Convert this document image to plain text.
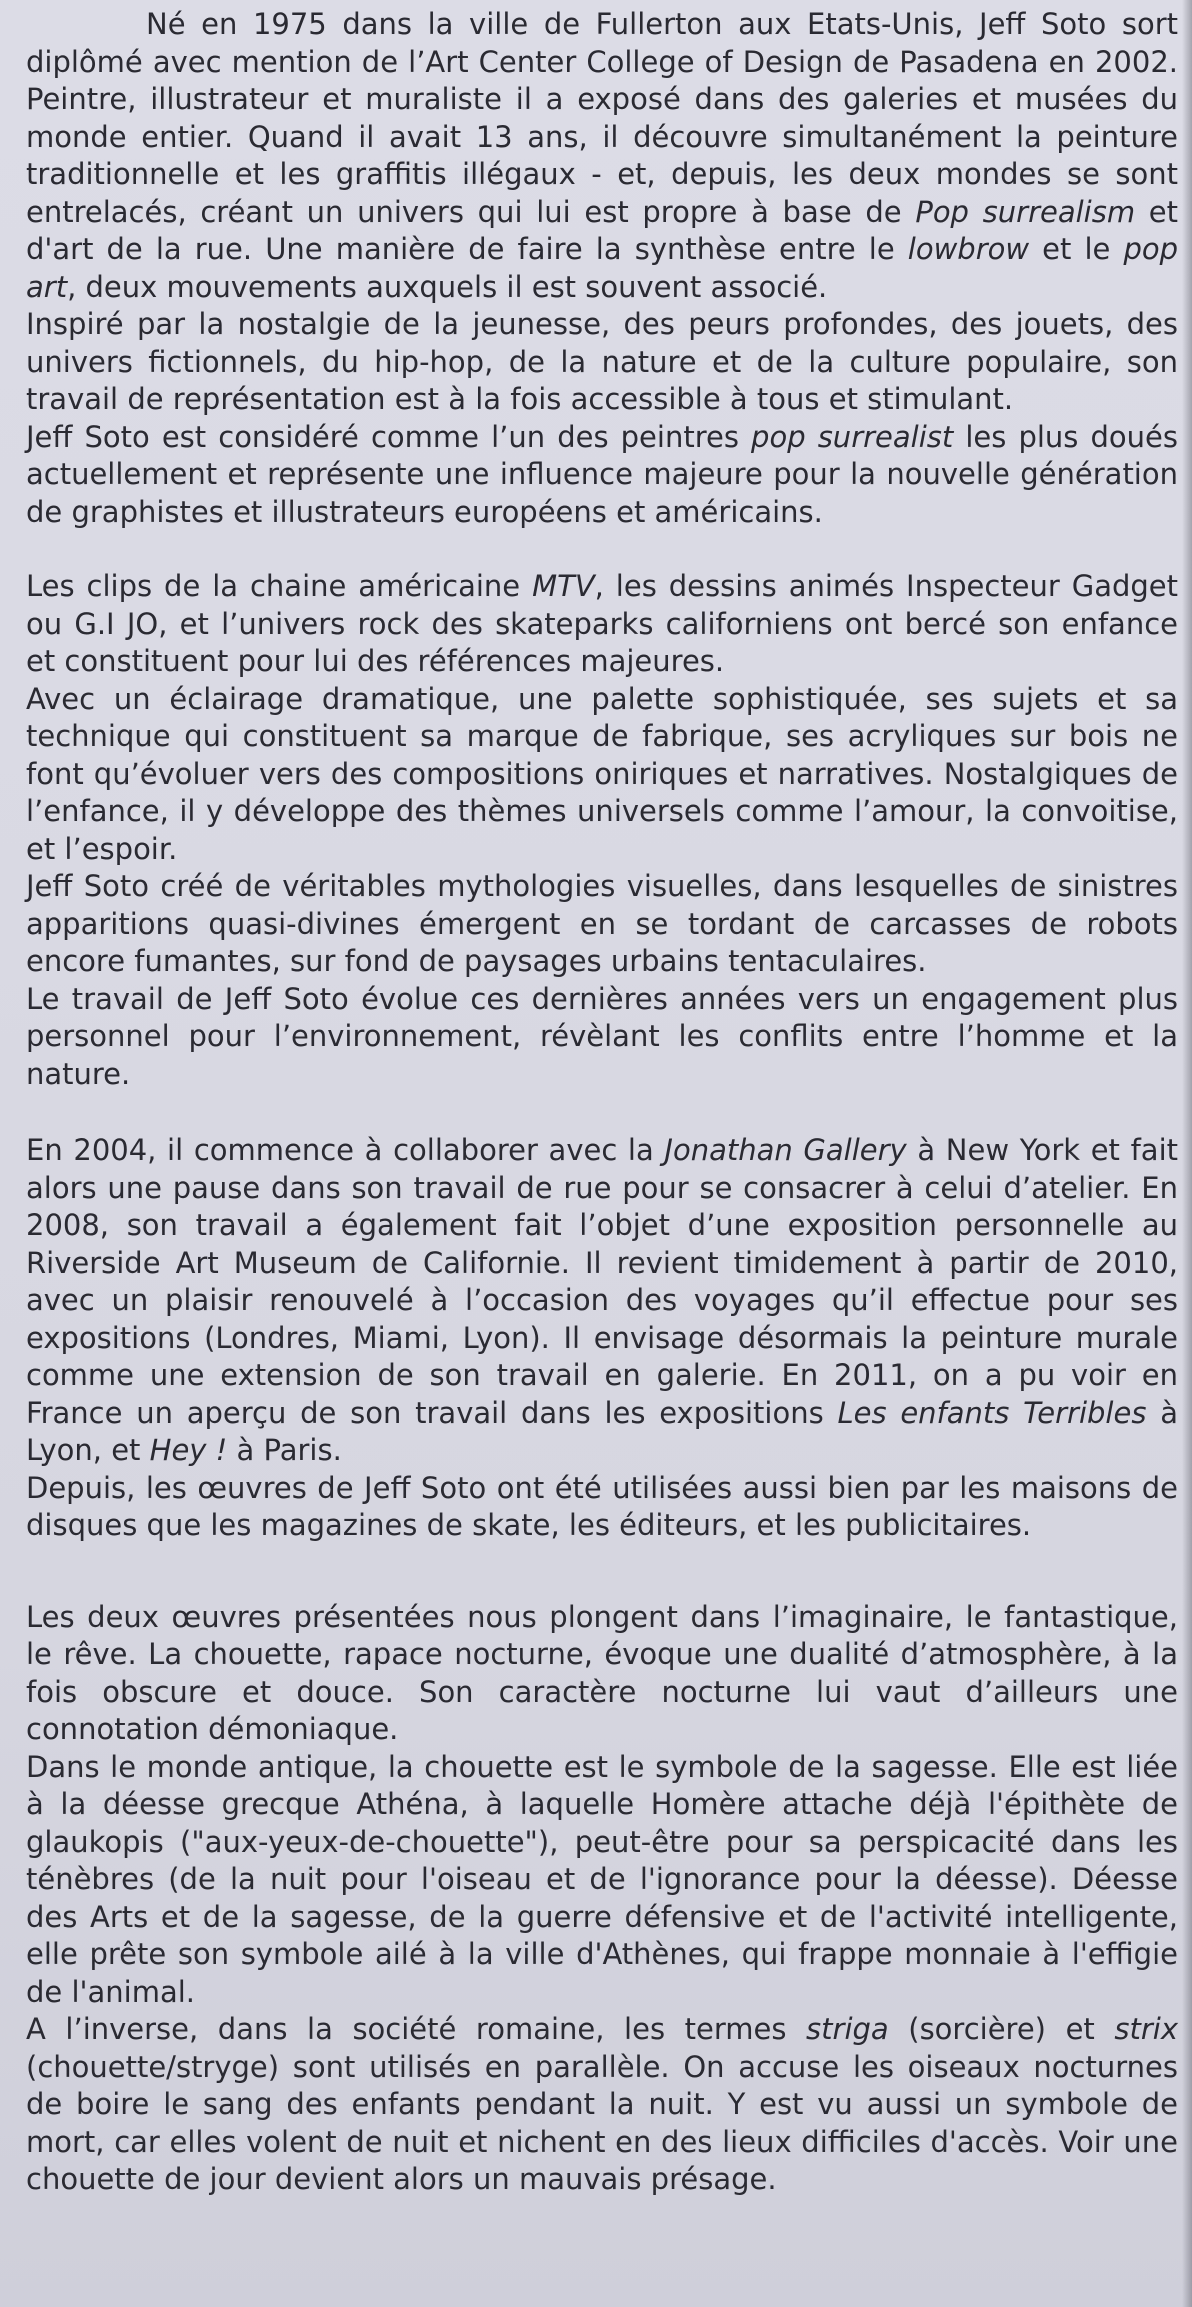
Né en 1975 dans la ville de Fullerton aux Etats-Unis, Jeff Soto sort diplômé avec mention de l’Art Center College of Design de Pasadena en 2002. Peintre, illustrateur et muraliste il a exposé dans des galeries et musées du monde entier. Quand il avait 13 ans, il découvre simultanément la peinture traditionnelle et les graffitis illégaux - et, depuis, les deux mondes se sont entrelacés, créant un univers qui lui est propre à base de Pop surrealism et d'art de la rue. Une manière de faire la synthèse entre le lowbrow et le pop art, deux mouvements auxquels il est souvent associé.

Inspiré par la nostalgie de la jeunesse, des peurs profondes, des jouets, des univers fictionnels, du hip-hop, de la nature et de la culture populaire, son travail de représentation est à la fois accessible à tous et stimulant.

Jeff Soto est considéré comme l’un des peintres pop surrealist les plus doués actuellement et représente une influence majeure pour la nouvelle génération de graphistes et illustrateurs européens et américains.

Les clips de la chaine américaine MTV, les dessins animés Inspecteur Gadget ou G.I JO, et l’univers rock des skateparks californiens ont bercé son enfance et constituent pour lui des références majeures.

Avec un éclairage dramatique, une palette sophistiquée, ses sujets et sa technique qui constituent sa marque de fabrique, ses acryliques sur bois ne font qu’évoluer vers des compositions oniriques et narratives. Nostalgiques de l’enfance, il y développe des thèmes universels comme l’amour, la convoitise, et l’espoir.

Jeff Soto créé de véritables mythologies visuelles, dans lesquelles de sinistres apparitions quasi-divines émergent en se tordant de carcasses de robots encore fumantes, sur fond de paysages urbains tentaculaires.

Le travail de Jeff Soto évolue ces dernières années vers un engagement plus personnel pour l’environnement, révèlant les conflits entre l’homme et la nature.

En 2004, il commence à collaborer avec la Jonathan Gallery à New York et fait alors une pause dans son travail de rue pour se consacrer à celui d’atelier. En 2008, son travail a également fait l’objet d’une exposition personnelle au Riverside Art Museum de Californie. Il revient timidement à partir de 2010, avec un plaisir renouvelé à l’occasion des voyages qu’il effectue pour ses expositions (Londres, Miami, Lyon). Il envisage désormais la peinture murale comme une extension de son travail en galerie. En 2011, on a pu voir en France un aperçu de son travail dans les expositions Les enfants Terribles à Lyon, et Hey ! à Paris.

Depuis, les œuvres de Jeff Soto ont été utilisées aussi bien par les maisons de disques que les magazines de skate, les éditeurs, et les publicitaires.

Les deux œuvres présentées nous plongent dans l’imaginaire, le fantastique, le rêve. La chouette, rapace nocturne, évoque une dualité d’atmosphère, à la fois obscure et douce. Son caractère nocturne lui vaut d’ailleurs une connotation démoniaque.

Dans le monde antique, la chouette est le symbole de la sagesse. Elle est liée à la déesse grecque Athéna, à laquelle Homère attache déjà l'épithète de glaukopis ("aux-yeux-de-chouette"), peut-être pour sa perspicacité dans les ténèbres (de la nuit pour l'oiseau et de l'ignorance pour la déesse). Déesse des Arts et de la sagesse, de la guerre défensive et de l'activité intelligente, elle prête son symbole ailé à la ville d'Athènes, qui frappe monnaie à l'effigie de l'animal.

A l’inverse, dans la société romaine, les termes striga (sorcière) et strix (chouette/stryge) sont utilisés en parallèle. On accuse les oiseaux nocturnes de boire le sang des enfants pendant la nuit. Y est vu aussi un symbole de mort, car elles volent de nuit et nichent en des lieux difficiles d'accès. Voir une chouette de jour devient alors un mauvais présage.
